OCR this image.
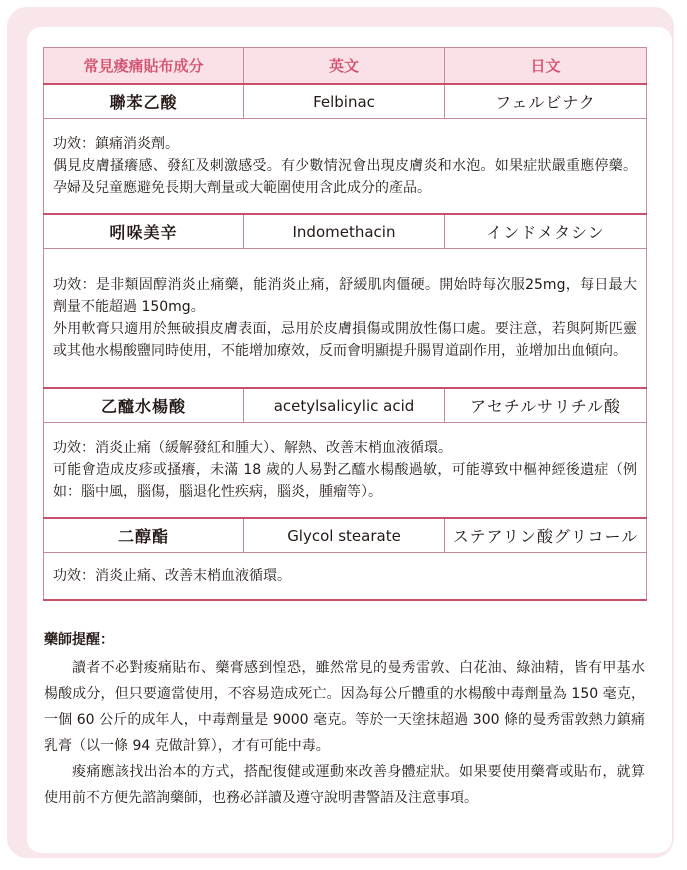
常見痠痛貼布成分	英文	日文
聯苯乙酸	Felbinac	フェルビナク

功效：鎮痛消炎劑。

偶見皮膚搔癢感、發紅及刺激感受。有少數情況會出現皮膚炎和水泡。如果症狀嚴重應停藥。孕婦及兒童應避免長期大劑量或大範圍使用含此成分的產品。		

吲哚美辛	Indomethacin	インドメタシン

功效：是非類固醇消炎止痛藥，能消炎止痛，舒緩肌肉僵硬。開始時每次服25mg，每日最大劑量不能超過 150mg。

外用軟膏只適用於無破損皮膚表面，忌用於皮膚損傷或開放性傷口處。要注意，若與阿斯匹靈或其他水楊酸鹽同時使用，不能增加療效，反而會明顯提升腸胃道副作用，並增加出血傾向。		

乙醯水楊酸	acetylsalicylic acid	アセチルサリチル酸

功效：消炎止痛（緩解發紅和腫大）、解熱、改善末梢血液循環。

可能會造成皮疹或搔癢，未滿 18 歲的人易對乙醯水楊酸過敏，可能導致中樞神經後遺症（例如：腦中風，腦傷，腦退化性疾病，腦炎，腫瘤等）。		

二醇酯	Glycol stearate	ステアリン酸グリコール

功效：消炎止痛、改善末梢血液循環。		

藥師提醒：

讀者不必對痠痛貼布、藥膏感到惶恐，雖然常見的曼秀雷敦、白花油、綠油精，皆有甲基水楊酸成分，但只要適當使用，不容易造成死亡。因為每公斤體重的水楊酸中毒劑量為 150 毫克，一個 60 公斤的成年人，中毒劑量是 9000 毫克。等於一天塗抹超過 300 條的曼秀雷敦熱力鎮痛乳膏（以一條 94 克做計算），才有可能中毒。

痠痛應該找出治本的方式，搭配復健或運動來改善身體症狀。如果要使用藥膏或貼布，就算使用前不方便先諮詢藥師，也務必詳讀及遵守說明書警語及注意事項。
